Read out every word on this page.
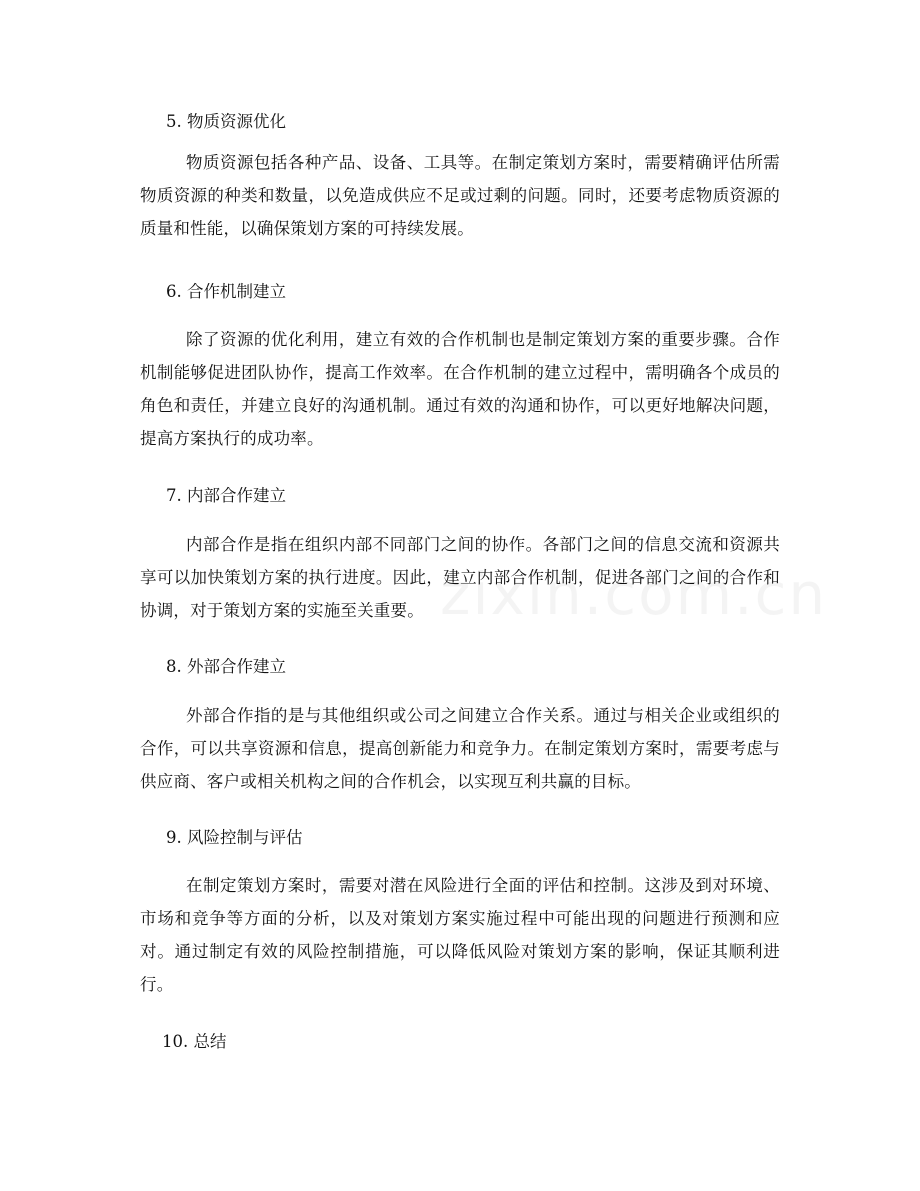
5. 物质资源优化
物质资源包括各种产品、设备、工具等。在制定策划方案时，需要精确评估所需物质资源的种类和数量，以免造成供应不足或过剩的问题。同时，还要考虑物质资源的质量和性能，以确保策划方案的可持续发展。
6. 合作机制建立
除了资源的优化利用，建立有效的合作机制也是制定策划方案的重要步骤。合作机制能够促进团队协作，提高工作效率。在合作机制的建立过程中，需明确各个成员的角色和责任，并建立良好的沟通机制。通过有效的沟通和协作，可以更好地解决问题，提高方案执行的成功率。
7. 内部合作建立
内部合作是指在组织内部不同部门之间的协作。各部门之间的信息交流和资源共享可以加快策划方案的执行进度。因此，建立内部合作机制，促进各部门之间的合作和协调，对于策划方案的实施至关重要。
8. 外部合作建立
外部合作指的是与其他组织或公司之间建立合作关系。通过与相关企业或组织的合作，可以共享资源和信息，提高创新能力和竞争力。在制定策划方案时，需要考虑与供应商、客户或相关机构之间的合作机会，以实现互利共赢的目标。
9. 风险控制与评估
在制定策划方案时，需要对潜在风险进行全面的评估和控制。这涉及到对环境、市场和竞争等方面的分析，以及对策划方案实施过程中可能出现的问题进行预测和应对。通过制定有效的风险控制措施，可以降低风险对策划方案的影响，保证其顺利进行。
10. 总结
